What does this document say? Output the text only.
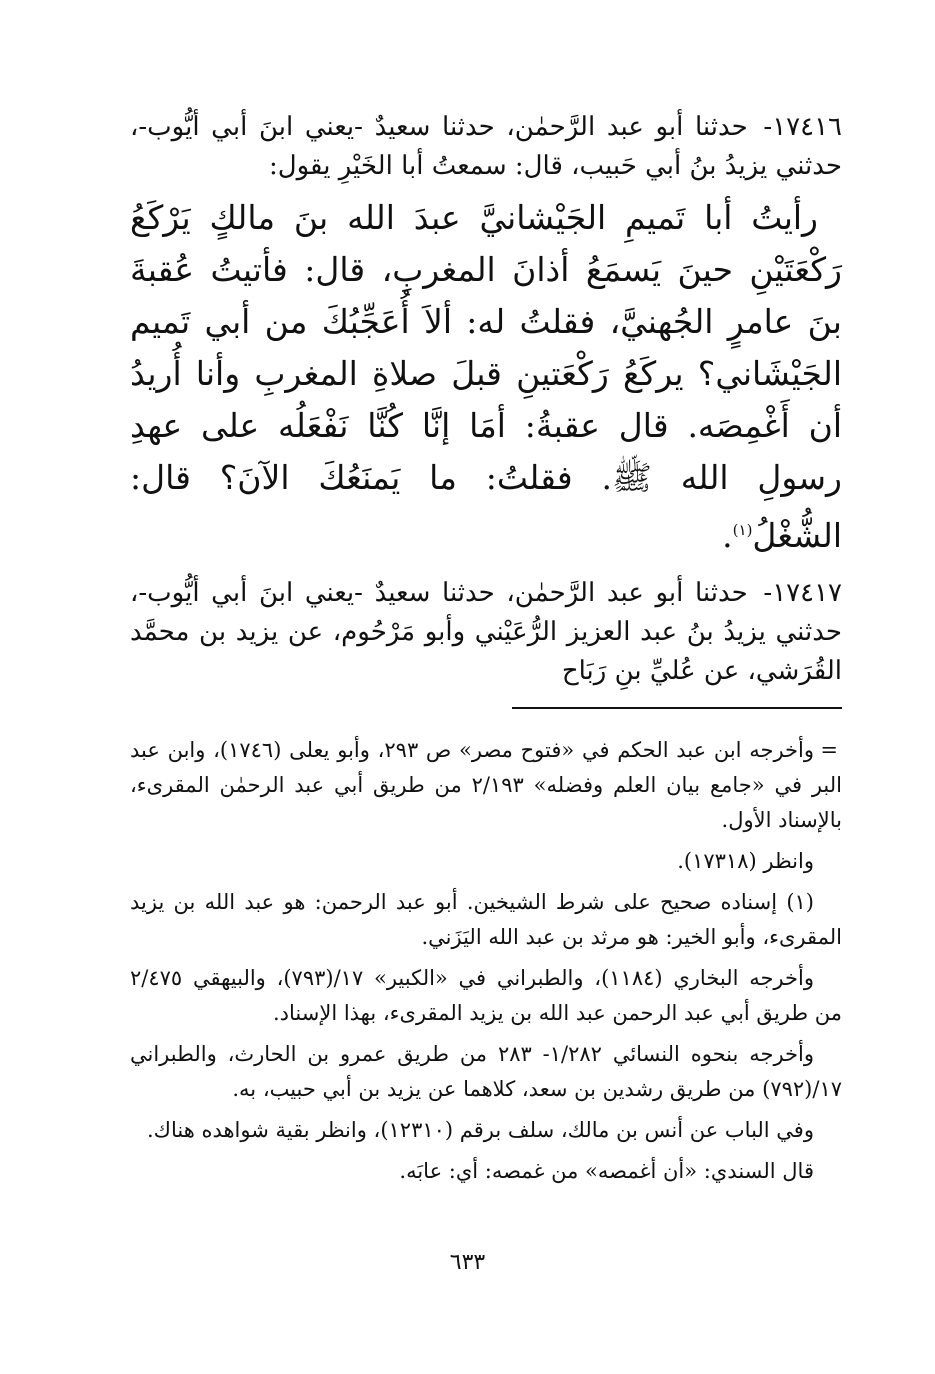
١٧٤١٦- حدثنا أبو عبد الرَّحمٰن، حدثنا سعيدٌ -يعني ابنَ أبي أيُّوب-، حدثني يزيدُ بنُ أبي حَبيب، قال: سمعتُ أبا الخَيْرِ يقول:

رأيتُ أبا تَميمِ الجَيْشانيَّ عبدَ الله بنَ مالكٍ يَرْكَعُ رَكْعَتَيْنِ حينَ يَسمَعُ أذانَ المغربِ، قال: فأتيتُ عُقبةَ بنَ عامرٍ الجُهنيَّ، فقلتُ له: ألاَ أُعَجِّبُكَ من أبي تَميم الجَيْشَاني؟ يركَعُ رَكْعَتينِ قبلَ صلاةِ المغربِ وأنا أُريدُ أن أَغْمِصَه. قال عقبةُ: أمَا إنَّا كُنَّا نَفْعَلُه على عهدِ رسولِ الله ﷺ. فقلتُ: ما يَمنَعُكَ الآنَ؟ قال: الشُّغْلُ$^{(١)}$.

١٧٤١٧- حدثنا أبو عبد الرَّحمٰن، حدثنا سعيدٌ -يعني ابنَ أبي أيُّوب-، حدثني يزيدُ بنُ عبد العزيز الرُّعَيْني وأبو مَرْحُوم، عن يزيد بن محمَّد القُرَشي، عن عُليِّ بنِ رَبَاح

=
وأخرجه ابن عبد الحكم في «فتوح مصر» ص ٢٩٣، وأبو يعلى (١٧٤٦)، وابن عبد البر في «جامع بيان العلم وفضله» ٢/١٩٣ من طريق أبي عبد الرحمٰن المقرىء، بالإسناد الأول.

وانظر (١٧٣١٨).

(١) إسناده صحيح على شرط الشيخين. أبو عبد الرحمن: هو عبد الله بن يزيد المقرىء، وأبو الخير: هو مرثد بن عبد الله اليَزَني.

وأخرجه البخاري (١١٨٤)، والطبراني في «الكبير» ١٧/(٧٩٣)، والبيهقي ٢/٤٧٥ من طريق أبي عبد الرحمن عبد الله بن يزيد المقرىء، بهذا الإسناد.

وأخرجه بنحوه النسائي ١/٢٨٢- ٢٨٣ من طريق عمرو بن الحارث، والطبراني ١٧/(٧٩٢) من طريق رشدين بن سعد، كلاهما عن يزيد بن أبي حبيب، به.

وفي الباب عن أنس بن مالك، سلف برقم (١٢٣١٠)، وانظر بقية شواهده هناك.

قال السندي: «أن أغمصه» من غمصه: أي: عابَه.

٦٣٣
